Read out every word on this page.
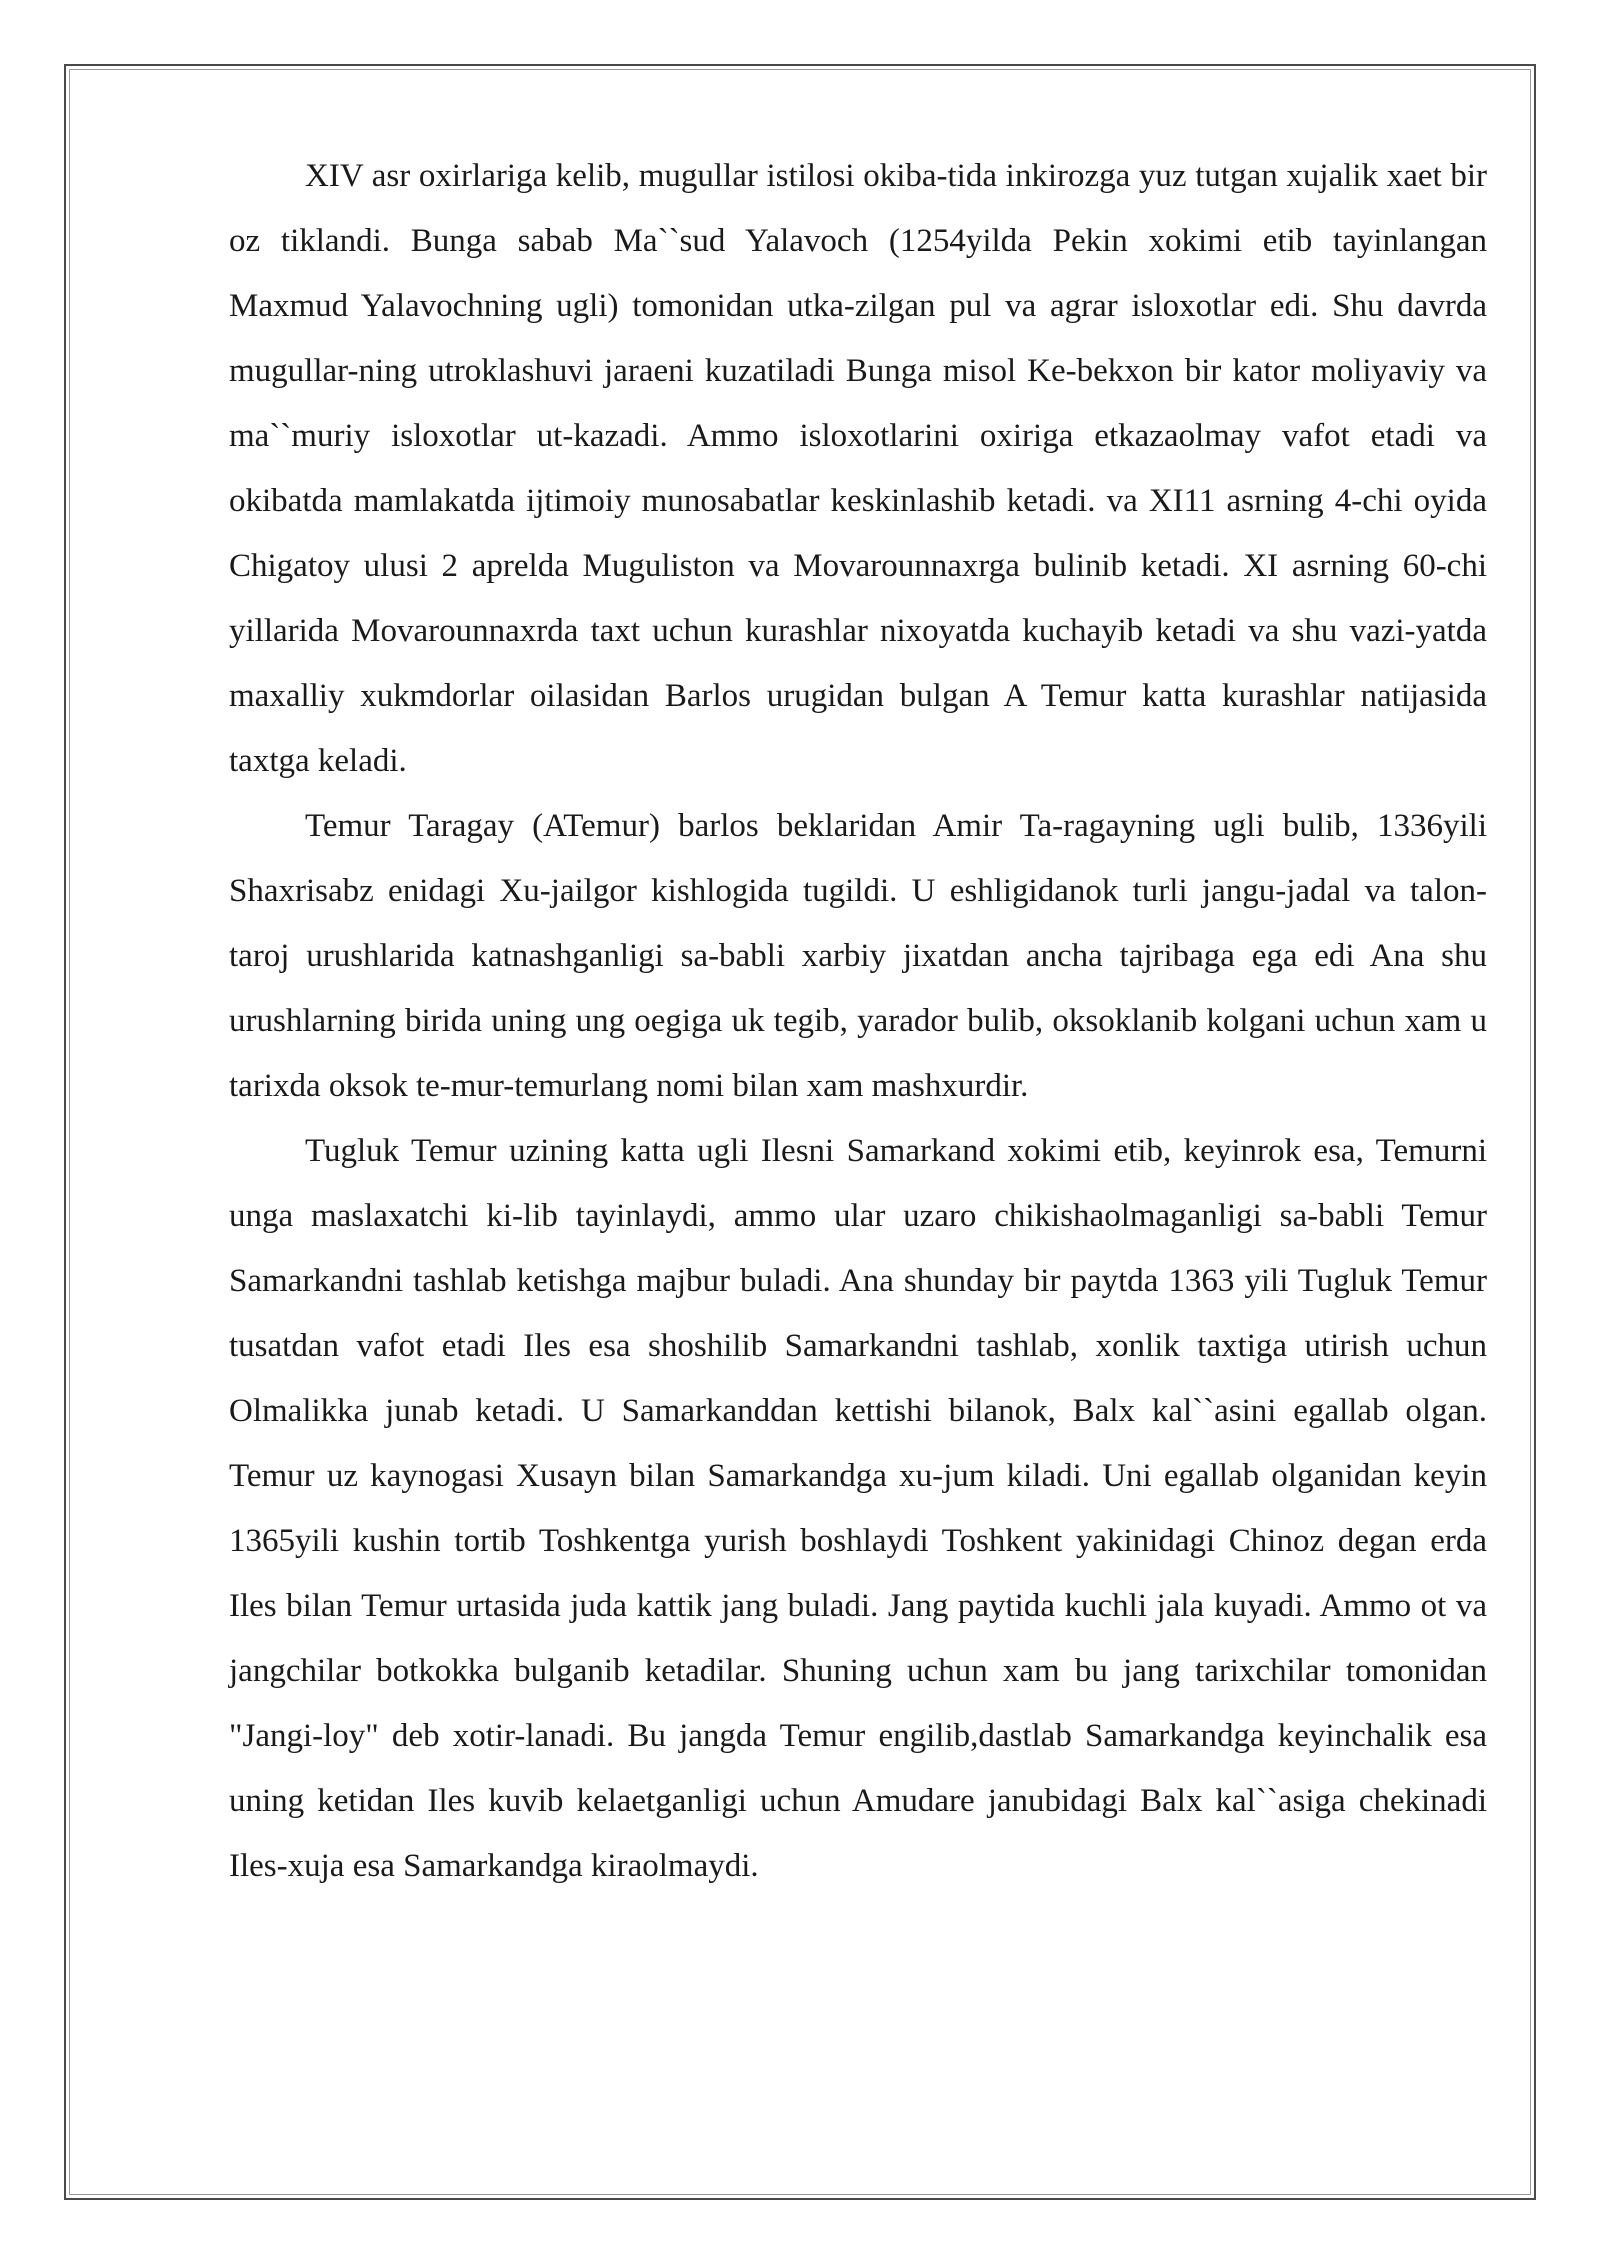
XIV asr oxirlariga kelib, mugullar istilosi okiba-tida inkirozga yuz tutgan xujalik xaet bir oz tiklandi. Bunga sabab Ma``sud Yalavoch (1254yilda Pekin xokimi etib tayinlangan Maxmud Yalavochning ugli) tomonidan utka-zilgan pul va agrar isloxotlar edi. Shu davrda mugullar-ning utroklashuvi jaraeni kuzatiladi Bunga misol Ke-bekxon bir kator moliyaviy va ma``muriy isloxotlar ut-kazadi. Ammo isloxotlarini oxiriga etkazaolmay vafot etadi va okibatda mamlakatda ijtimoiy munosabatlar keskinlashib ketadi. va XI11 asrning 4-chi oyida Chigatoy ulusi 2 aprelda Muguliston va Movarounnaxrga bulinib ketadi. XI asrning 60-chi yillarida Movarounnaxrda taxt uchun kurashlar nixoyatda kuchayib ketadi va shu vazi-yatda maxalliy xukmdorlar oilasidan Barlos urugidan bulgan A Temur katta kurashlar natijasida taxtga keladi.

Temur Taragay (ATemur) barlos beklaridan Amir Ta-ragayning ugli bulib, 1336yili Shaxrisabz enidagi Xu-jailgor kishlogida tugildi. U eshligidanok turli jangu-jadal va talon-taroj urushlarida katnashganligi sa-babli xarbiy jixatdan ancha tajribaga ega edi Ana shu urushlarning birida uning ung oegiga uk tegib, yarador bulib, oksoklanib kolgani uchun xam u tarixda oksok te-mur-temurlang nomi bilan xam mashxurdir.

Tugluk Temur uzining katta ugli Ilesni Samarkand xokimi etib, keyinrok esa, Temurni unga maslaxatchi ki-lib tayinlaydi, ammo ular uzaro chikishaolmaganligi sa-babli Temur Samarkandni tashlab ketishga majbur buladi. Ana shunday bir paytda 1363 yili Tugluk Temur tusatdan vafot etadi Iles esa shoshilib Samarkandni tashlab, xonlik taxtiga utirish uchun Olmalikka junab ketadi. U Samarkanddan kettishi bilanok, Balx kal``asini egallab olgan. Temur uz kaynogasi Xusayn bilan Samarkandga xu-jum kiladi. Uni egallab olganidan keyin 1365yili kushin tortib Toshkentga yurish boshlaydi Toshkent yakinidagi Chinoz degan erda Iles bilan Temur urtasida juda kattik jang buladi. Jang paytida kuchli jala kuyadi. Ammo ot va jangchilar botkokka bulganib ketadilar. Shuning uchun xam bu jang tarixchilar tomonidan "Jangi-loy" deb xotir-lanadi. Bu jangda Temur engilib,dastlab Samarkandga keyinchalik esa uning ketidan Iles kuvib kelaetganligi uchun Amudare janubidagi Balx kal``asiga chekinadi Iles-xuja esa Samarkandga kiraolmaydi.
